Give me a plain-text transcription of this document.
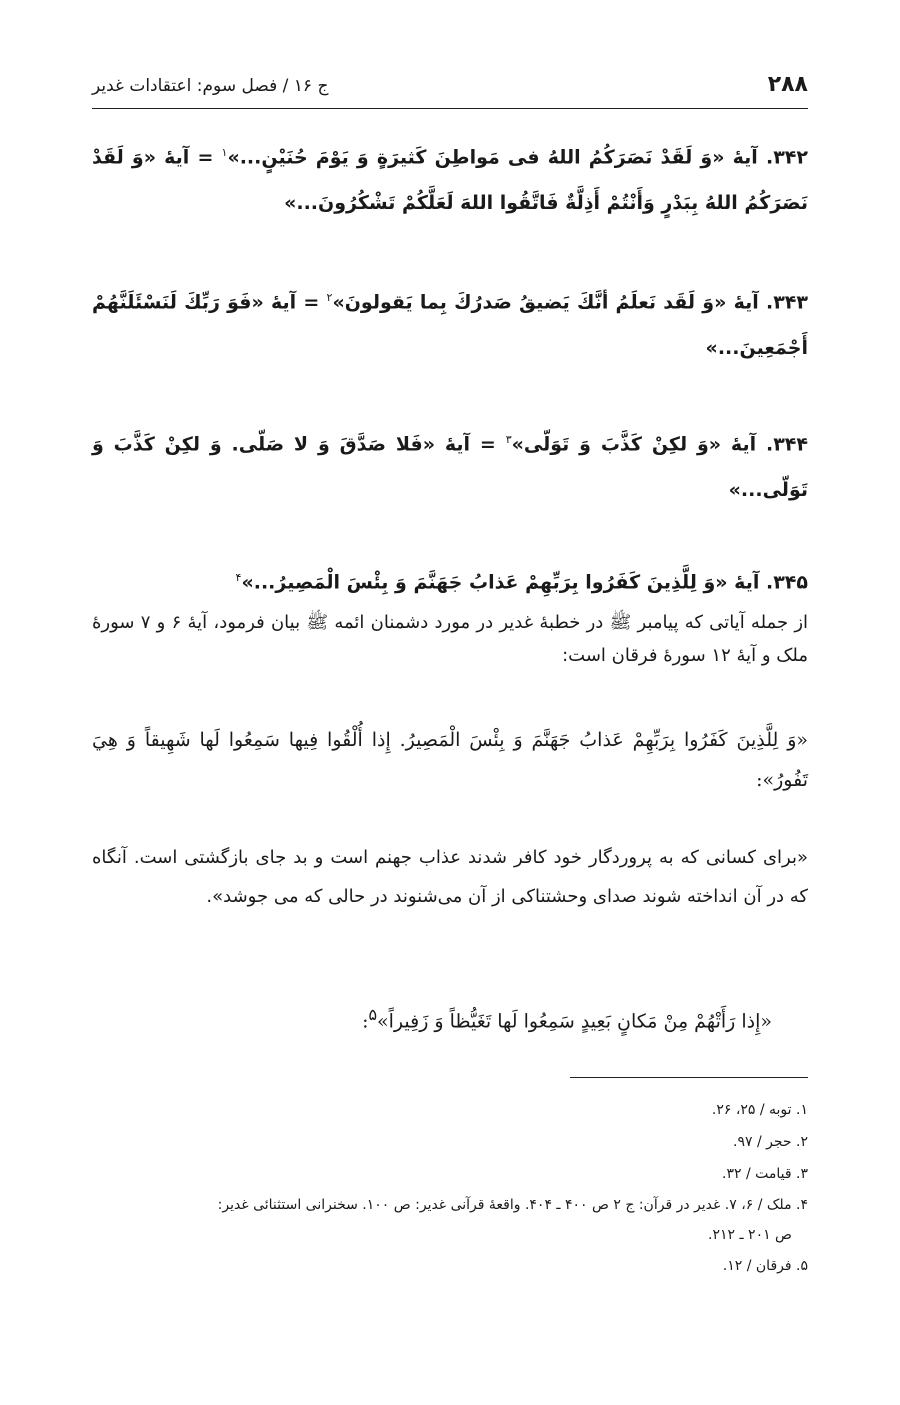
۲۸۸
ج ۱۶ / فصل سوم: اعتقادات غدیر
۳۴۲. آیهٔ «وَ لَقَدْ نَصَرَكُمُ اللهُ فی مَواطِنَ كَثيرَةٍ وَ يَوْمَ حُنَيْنٍ...»$^۱$ = آیهٔ «وَ لَقَدْ نَصَرَكُمُ اللهُ بِبَدْرٍ وَأَنْتُمْ أَذِلَّةٌ فَاتَّقُوا اللهَ لَعَلَّكُمْ تَشْكُرُونَ...»
۳۴۳. آیهٔ «وَ لَقَد نَعلَمُ أنَّكَ يَضيقُ صَدرُكَ بِما يَقولونَ»$^۲$ = آیهٔ «فَوَ رَبِّكَ لَنَسْئَلَنَّهُمْ أَجْمَعِينَ...»
۳۴۴. آیهٔ «وَ لكِنْ كَذَّبَ وَ تَوَلّى»$^۳$ = آیهٔ «فَلا صَدَّقَ وَ لا صَلّى. وَ لكِنْ كَذَّبَ وَ تَوَلّى...»
۳۴۵. آیهٔ «وَ لِلَّذِينَ كَفَرُوا بِرَبِّهِمْ عَذابُ جَهَنَّمَ وَ بِئْسَ الْمَصِيرُ...»$^۴$
از جمله آیاتی که پیامبر ﷺ در خطبهٔ غدیر در مورد دشمنان ائمه ﷺ بیان فرمود، آیهٔ ۶ و ۷ سورهٔ ملک و آیهٔ ۱۲ سورهٔ فرقان است:
«وَ لِلَّذِينَ كَفَرُوا بِرَبِّهِمْ عَذابُ جَهَنَّمَ وَ بِئْسَ الْمَصِيرُ. إِذا أُلْقُوا فِيها سَمِعُوا لَها شَهِيقاً وَ هِيَ تَفُورُ»:
«برای کسانی که به پروردگار خود کافر شدند عذاب جهنم است و بد جای بازگشتی است. آنگاه که در آن انداخته شوند صدای وحشتناکی از آن می‌شنوند در حالی که می جوشد».
«إِذا رَأَتْهُمْ مِنْ مَكانٍ بَعِيدٍ سَمِعُوا لَها تَغَيُّظاً وَ زَفِيراً»$^۵$:
۱. توبه / ۲۵، ۲۶.
۲. حجر / ۹۷.
۳. قیامت / ۳۲.
۴. ملک / ۶، ۷. غدیر در قرآن: ج ۲ ص ۴۰۰ ـ ۴۰۴. واقعهٔ قرآنی غدیر: ص ۱۰۰. سخنرانی استثنائی غدیر:
ص ۲۰۱ ـ ۲۱۲.
۵. فرقان / ۱۲.
